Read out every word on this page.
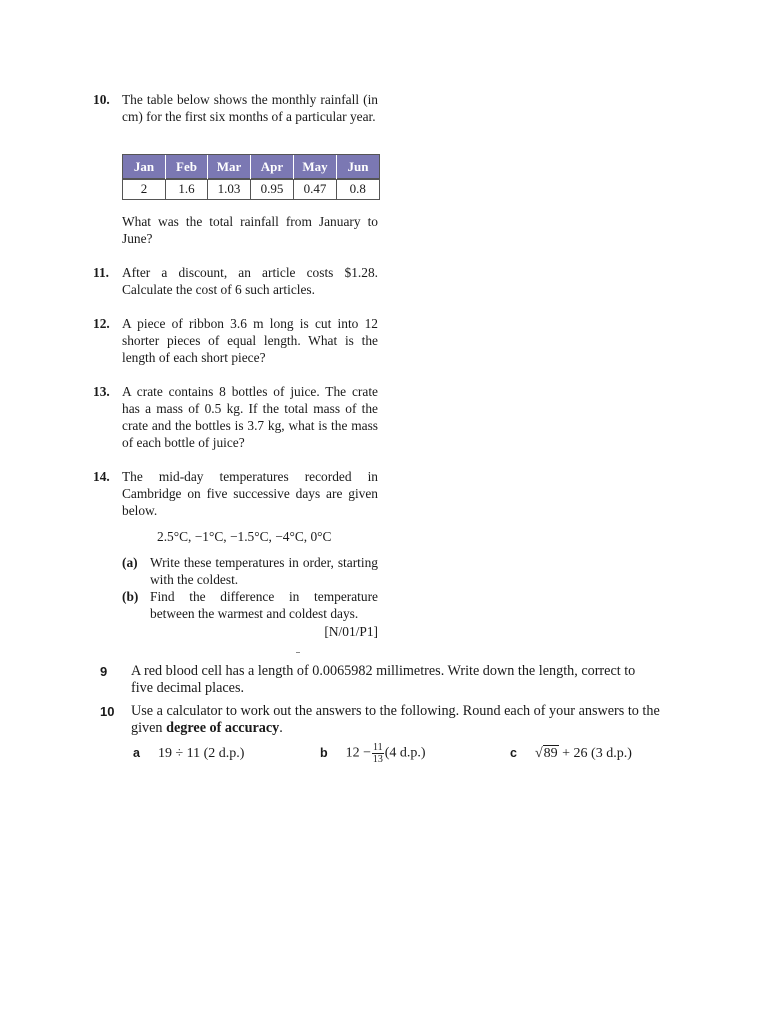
10. The table below shows the monthly rainfall (in cm) for the first six months of a particular year.
Jan	Feb	Mar	Apr	May	Jun
2	1.6	1.03	0.95	0.47	0.8
What was the total rainfall from January to June?
11. After a discount, an article costs $1.28. Calculate the cost of 6 such articles.
12. A piece of ribbon 3.6 m long is cut into 12 shorter pieces of equal length. What is the length of each short piece?
13. A crate contains 8 bottles of juice. The crate has a mass of 0.5 kg. If the total mass of the crate and the bottles is 3.7 kg, what is the mass of each bottle of juice?
14. The mid-day temperatures recorded in Cambridge on five successive days are given below.
2.5°C, −1°C, −1.5°C, −4°C, 0°C
(a) Write these temperatures in order, starting with the coldest.
(b) Find the difference in temperature between the warmest and coldest days.
[N/01/P1]
9 A red blood cell has a length of 0.0065982 millimetres. Write down the length, correct to five decimal places.
10 Use a calculator to work out the answers to the following. Round each of your answers to the given degree of accuracy.
a 19 ÷ 11 (2 d.p.)	b $12 - \frac{11}{13} (4$ d.p.)	c √89 + 26 (3 d.p.)
